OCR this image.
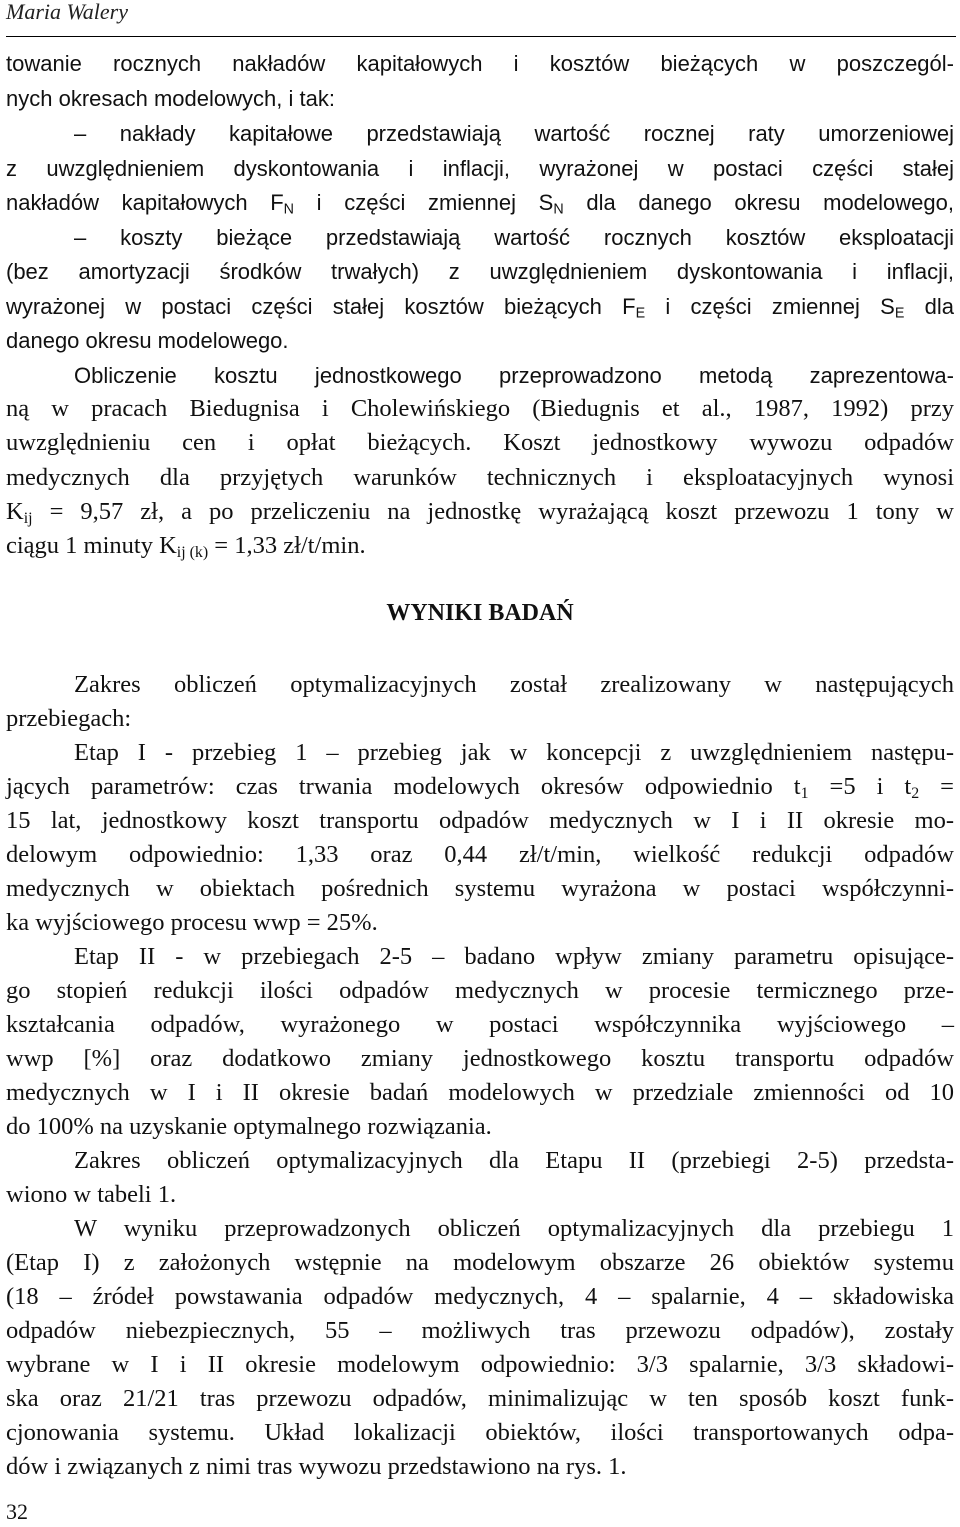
Maria Walery

towanie rocznych nakładów kapitałowych i kosztów bieżących w poszczegól-

nych okresach modelowych, i tak:

– nakłady kapitałowe przedstawiają wartość rocznej raty umorzeniowej

z uwzględnieniem dyskontowania i inflacji, wyrażonej w postaci części stałej

nakładów kapitałowych $F_N$ i części zmiennej $S_N$ dla danego okresu modelowego,

– koszty bieżące przedstawiają wartość rocznych kosztów eksploatacji

(bez amortyzacji środków trwałych) z uwzględnieniem dyskontowania i inflacji,

wyrażonej w postaci części stałej kosztów bieżących $F_E$ i części zmiennej $S_E$ dla

danego okresu modelowego.

Obliczenie kosztu jednostkowego przeprowadzono metodą zaprezentowa-

ną w pracach Biedugnisa i Cholewińskiego (Biedugnis et al., 1987, 1992) przy

uwzględnieniu cen i opłat bieżących. Koszt jednostkowy wywozu odpadów

medycznych dla przyjętych warunków technicznych i eksploatacyjnych wynosi

$K_{ij} = 9,57$ zł, a po przeliczeniu na jednostkę wyrażającą koszt przewozu 1 tony w

ciągu 1 minuty $K_{ij (k)} = 1,33$ zł/t/min.

WYNIKI BADAŃ

Zakres obliczeń optymalizacyjnych został zrealizowany w następujących

przebiegach:

Etap I - przebieg 1 – przebieg jak w koncepcji z uwzględnieniem następu-

jących parametrów: czas trwania modelowych okresów odpowiednio $t_1 =5$ i $t_2$ =

15 lat, jednostkowy koszt transportu odpadów medycznych w I i II okresie mo-

delowym odpowiednio: 1,33 oraz 0,44 zł/t/min, wielkość redukcji odpadów

medycznych w obiektach pośrednich systemu wyrażona w postaci współczynni-

ka wyjściowego procesu wwp = 25%.

Etap II - w przebiegach 2-5 – badano wpływ zmiany parametru opisujące-

go stopień redukcji ilości odpadów medycznych w procesie termicznego prze-

kształcania odpadów, wyrażonego w postaci współczynnika wyjściowego –

wwp [%] oraz dodatkowo zmiany jednostkowego kosztu transportu odpadów

medycznych w I i II okresie badań modelowych w przedziale zmienności od 10

do 100% na uzyskanie optymalnego rozwiązania.

Zakres obliczeń optymalizacyjnych dla Etapu II (przebiegi 2-5) przedsta-

wiono w tabeli 1.

W wyniku przeprowadzonych obliczeń optymalizacyjnych dla przebiegu 1

(Etap I) z założonych wstępnie na modelowym obszarze 26 obiektów systemu

(18 – źródeł powstawania odpadów medycznych, 4 – spalarnie, 4 – składowiska

odpadów niebezpiecznych, 55 – możliwych tras przewozu odpadów), zostały

wybrane w I i II okresie modelowym odpowiednio: 3/3 spalarnie, 3/3 składowi-

ska oraz 21/21 tras przewozu odpadów, minimalizując w ten sposób koszt funk-

cjonowania systemu. Układ lokalizacji obiektów, ilości transportowanych odpa-

dów i związanych z nimi tras wywozu przedstawiono na rys. 1.

32
